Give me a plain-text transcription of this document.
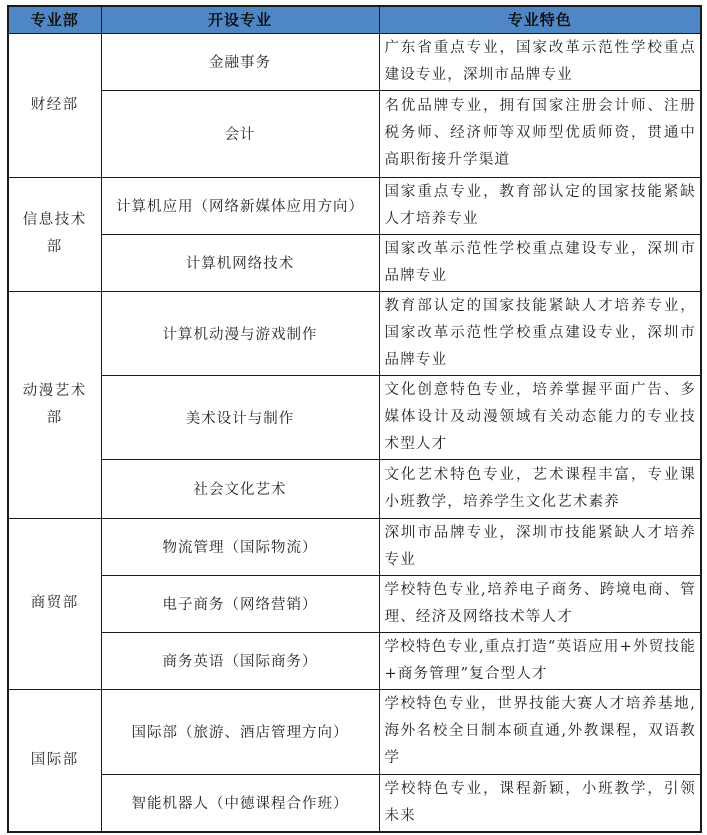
专业部	开设专业	专业特色
财经部	金融事务	广东省重点专业，国家改革示范性学校重点建设专业，深圳市品牌专业
	会计	名优品牌专业，拥有国家注册会计师、注册税务师、经济师等双师型优质师资，贯通中高职衔接升学渠道
信息技术部	计算机应用（网络新媒体应用方向）	国家重点专业，教育部认定的国家技能紧缺人才培养专业
	计算机网络技术	国家改革示范性学校重点建设专业，深圳市品牌专业
动漫艺术部	计算机动漫与游戏制作	教育部认定的国家技能紧缺人才培养专业，国家改革示范性学校重点建设专业，深圳市品牌专业
	美术设计与制作	文化创意特色专业，培养掌握平面广告、多媒体设计及动漫领域有关动态能力的专业技术型人才
	社会文化艺术	文化艺术特色专业，艺术课程丰富，专业课小班教学，培养学生文化艺术素养
商贸部	物流管理（国际物流）	深圳市品牌专业，深圳市技能紧缺人才培养专业
	电子商务（网络营销）	学校特色专业,培养电子商务、跨境电商、管理、经济及网络技术等人才
	商务英语（国际商务）	学校特色专业,重点打造“英语应用+外贸技能+商务管理”复合型人才
国际部	国际部（旅游、酒店管理方向）	学校特色专业，世界技能大赛人才培养基地,海外名校全日制本硕直通,外教课程，双语教学
	智能机器人（中德课程合作班）	学校特色专业，课程新颖，小班教学，引领未来
